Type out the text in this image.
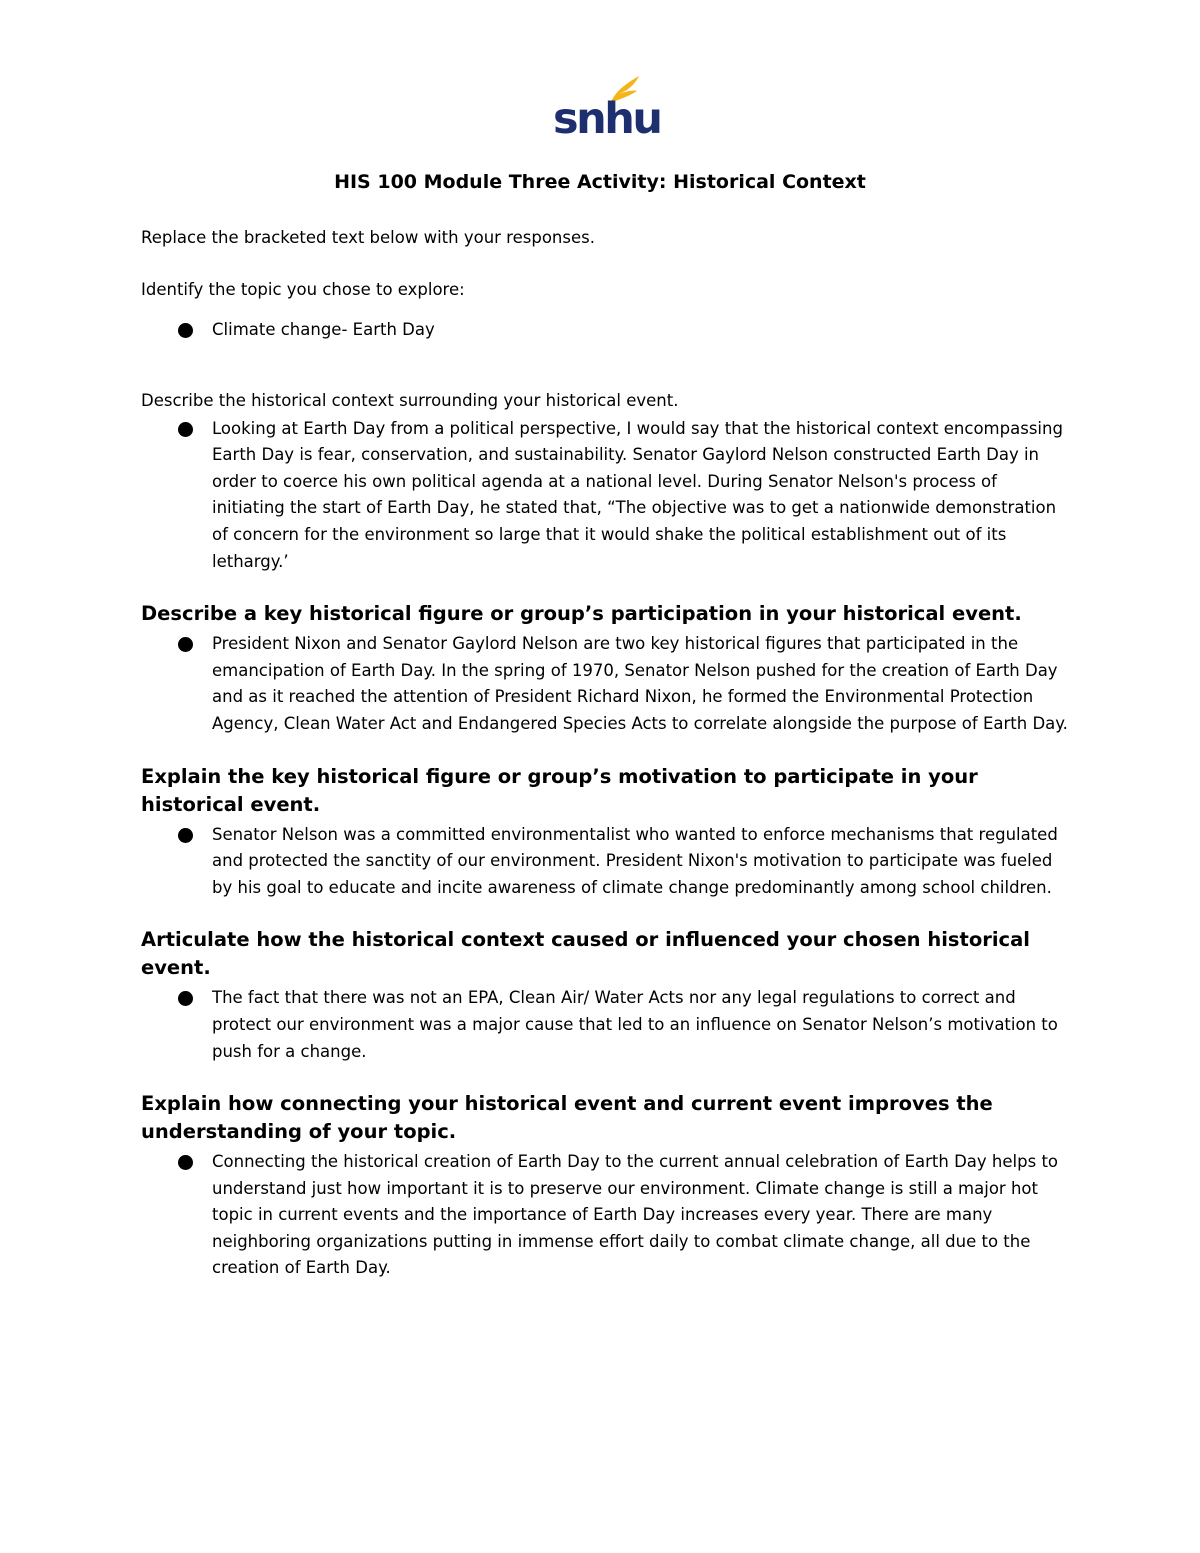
snhu
HIS 100 Module Three Activity: Historical Context

Replace the bracketed text below with your responses.

Identify the topic you chose to explore:

Climate change- Earth Day

Describe the historical context surrounding your historical event.

Looking at Earth Day from a political perspective, I would say that the historical context encompassing Earth Day is fear, conservation, and sustainability. Senator Gaylord Nelson constructed Earth Day in order to coerce his own political agenda at a national level. During Senator Nelson's process of initiating the start of Earth Day, he stated that, “The objective was to get a nationwide demonstration of concern for the environment so large that it would shake the political establishment out of its lethargy.’
Describe a key historical figure or group’s participation in your historical event.
President Nixon and Senator Gaylord Nelson are two key historical figures that participated in the emancipation of Earth Day. In the spring of 1970, Senator Nelson pushed for the creation of Earth Day and as it reached the attention of President Richard Nixon, he formed the Environmental Protection Agency, Clean Water Act and Endangered Species Acts to correlate alongside the purpose of Earth Day.
Explain the key historical figure or group’s motivation to participate in your historical event.
Senator Nelson was a committed environmentalist who wanted to enforce mechanisms that regulated and protected the sanctity of our environment. President Nixon's motivation to participate was fueled by his goal to educate and incite awareness of climate change predominantly among school children.
Articulate how the historical context caused or influenced your chosen historical event.
The fact that there was not an EPA, Clean Air/ Water Acts nor any legal regulations to correct and protect our environment was a major cause that led to an influence on Senator Nelson’s motivation to push for a change.
Explain how connecting your historical event and current event improves the understanding of your topic.
Connecting the historical creation of Earth Day to the current annual celebration of Earth Day helps to understand just how important it is to preserve our environment. Climate change is still a major hot topic in current events and the importance of Earth Day increases every year. There are many neighboring organizations putting in immense effort daily to combat climate change, all due to the creation of Earth Day.
